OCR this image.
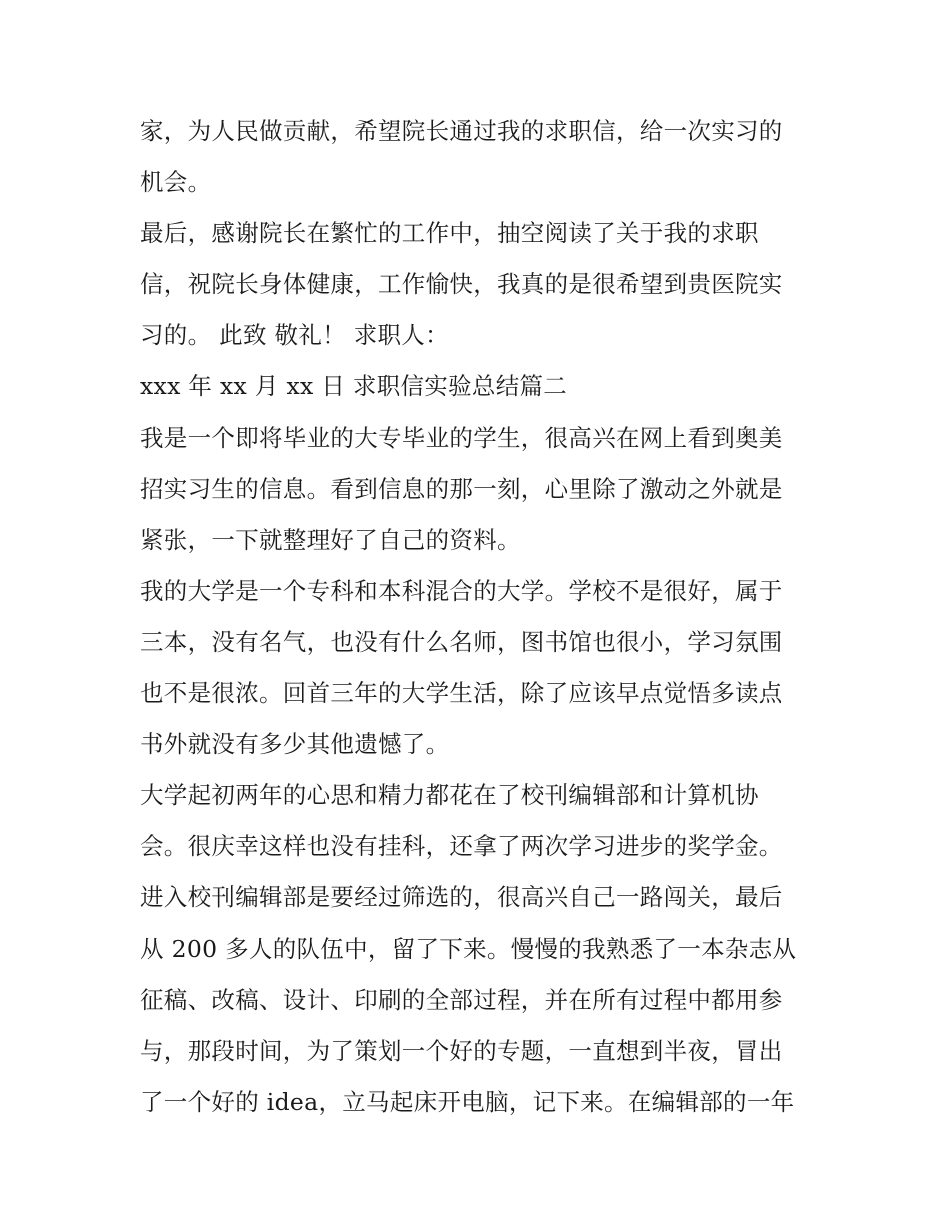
家，为人民做贡献，希望院长通过我的求职信，给一次实习的
机会。
最后，感谢院长在繁忙的工作中，抽空阅读了关于我的求职
信，祝院长身体健康，工作愉快，我真的是很希望到贵医院实
习的。 此致 敬礼！ 求职人：
xxx 年 xx 月 xx 日 求职信实验总结篇二
我是一个即将毕业的大专毕业的学生，很高兴在网上看到奥美
招实习生的信息。看到信息的那一刻，心里除了激动之外就是
紧张，一下就整理好了自己的资料。
我的大学是一个专科和本科混合的大学。学校不是很好，属于
三本，没有名气，也没有什么名师，图书馆也很小，学习氛围
也不是很浓。回首三年的大学生活，除了应该早点觉悟多读点
书外就没有多少其他遗憾了。
大学起初两年的心思和精力都花在了校刊编辑部和计算机协
会。很庆幸这样也没有挂科，还拿了两次学习进步的奖学金。
进入校刊编辑部是要经过筛选的，很高兴自己一路闯关，最后
从 200 多人的队伍中，留了下来。慢慢的我熟悉了一本杂志从
征稿、改稿、设计、印刷的全部过程，并在所有过程中都用参
与，那段时间，为了策划一个好的专题，一直想到半夜，冒出
了一个好的 idea，立马起床开电脑，记下来。在编辑部的一年
